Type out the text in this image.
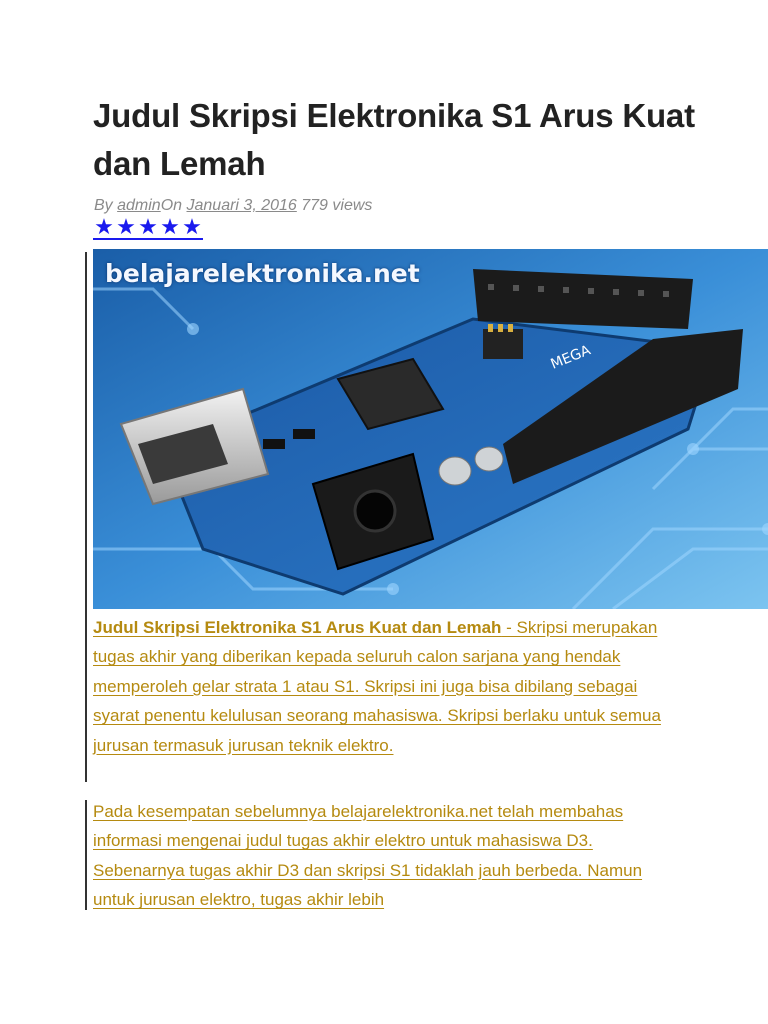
Judul Skripsi Elektronika S1 Arus Kuat dan Lemah
By adminOn Januari 3, 2016 779 views
★ ★ ★ ★ ★
MEGA
belajarelektronika.net

Judul Skripsi Elektronika S1 Arus Kuat dan Lemah - Skripsi merupakan tugas akhir yang diberikan kepada seluruh calon sarjana yang hendak memperoleh gelar strata 1 atau S1. Skripsi ini juga bisa dibilang sebagai syarat penentu kelulusan seorang mahasiswa. Skripsi berlaku untuk semua jurusan termasuk jurusan teknik elektro.

Pada kesempatan sebelumnya belajarelektronika.net telah membahas informasi mengenai judul tugas akhir elektro untuk mahasiswa D3. Sebenarnya tugas akhir D3 dan skripsi S1 tidaklah jauh berbeda. Namun untuk jurusan elektro, tugas akhir lebih
